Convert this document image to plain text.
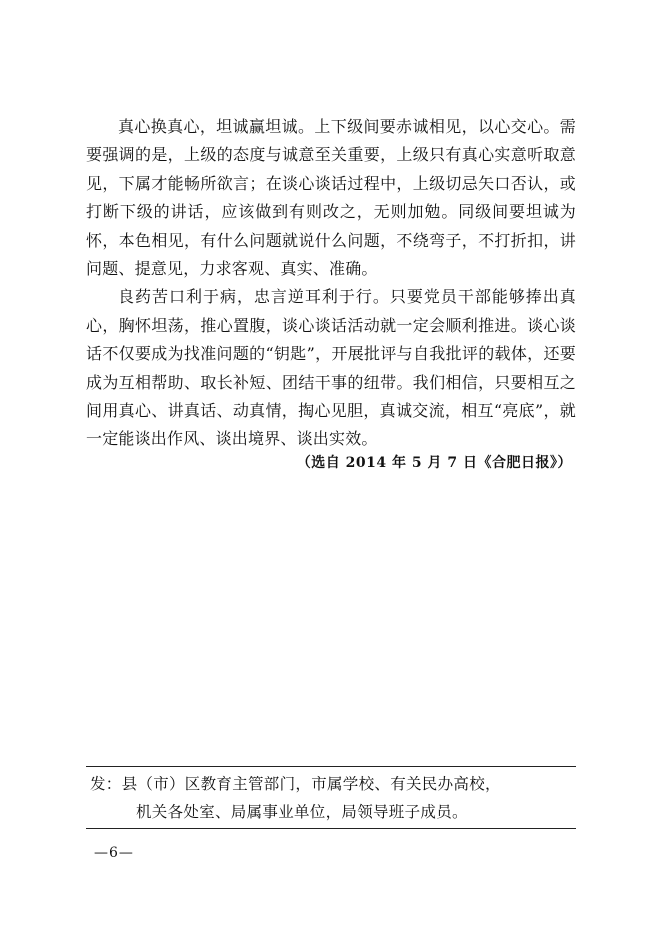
真心换真心，坦诚赢坦诚。上下级间要赤诚相见，以心交心。需要强调的是，上级的态度与诚意至关重要，上级只有真心实意听取意见，下属才能畅所欲言；在谈心谈话过程中，上级切忌矢口否认，或打断下级的讲话，应该做到有则改之，无则加勉。同级间要坦诚为怀，本色相见，有什么问题就说什么问题，不绕弯子，不打折扣，讲问题、提意见，力求客观、真实、准确。

良药苦口利于病，忠言逆耳利于行。只要党员干部能够捧出真心，胸怀坦荡，推心置腹，谈心谈话活动就一定会顺利推进。谈心谈话不仅要成为找准问题的“钥匙”，开展批评与自我批评的载体，还要成为互相帮助、取长补短、团结干事的纽带。我们相信，只要相互之间用真心、讲真话、动真情，掏心见胆，真诚交流，相互“亮底”，就一定能谈出作风、谈出境界、谈出实效。

（选自 2014 年 5 月 7 日《合肥日报》）
发：县（市）区教育主管部门，市属学校、有关民办高校，
机关各处室、局属事业单位，局领导班子成员。
—6—
